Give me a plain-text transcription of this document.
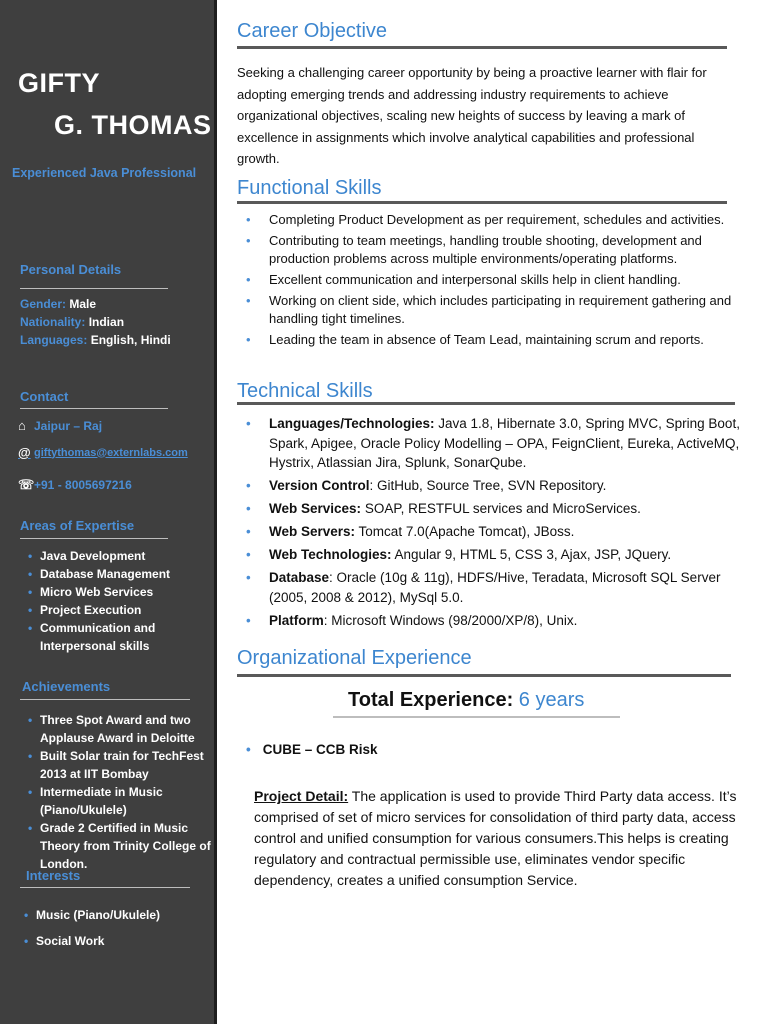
GIFTY
G. THOMAS
Experienced Java Professional
Personal Details
Gender: Male
Nationality: Indian
Languages: English, Hindi
Contact
⌂ Jaipur – Raj
@ giftythomas@externlabs.com
☏ +91 - 8005697216
Areas of Expertise
• Java Development
• Database Management
• Micro Web Services
• Project Execution
• Communication and Interpersonal skills
Achievements
• Three Spot Award and two Applause Award in Deloitte
• Built Solar train for TechFest 2013 at IIT Bombay
• Intermediate in Music (Piano/Ukulele)
• Grade 2 Certified in Music Theory from Trinity College of London.
Interests
• Music (Piano/Ukulele)
• Social Work
Career Objective
Seeking a challenging career opportunity by being a proactive learner with flair for adopting emerging trends and addressing industry requirements to achieve organizational objectives, scaling new heights of success by leaving a mark of excellence in assignments which involve analytical capabilities and professional growth.
Functional Skills
• Completing Product Development as per requirement, schedules and activities.
• Contributing to team meetings, handling trouble shooting, development and production problems across multiple environments/operating platforms.
• Excellent communication and interpersonal skills help in client handling.
• Working on client side, which includes participating in requirement gathering and handling tight timelines.
• Leading the team in absence of Team Lead, maintaining scrum and reports.
Technical Skills
• Languages/Technologies: Java 1.8, Hibernate 3.0, Spring MVC, Spring Boot, Spark, Apigee, Oracle Policy Modelling – OPA, FeignClient, Eureka, ActiveMQ, Hystrix, Atlassian Jira, Splunk, SonarQube.
• Version Control: GitHub, Source Tree, SVN Repository.
• Web Services: SOAP, RESTFUL services and MicroServices.
• Web Servers: Tomcat 7.0(Apache Tomcat), JBoss.
• Web Technologies: Angular 9, HTML 5, CSS 3, Ajax, JSP, JQuery.
• Database: Oracle (10g & 11g), HDFS/Hive, Teradata, Microsoft SQL Server (2005, 2008 & 2012), MySql 5.0.
• Platform: Microsoft Windows (98/2000/XP/8), Unix.
Organizational Experience
Total Experience: 6 years
• CUBE – CCB Risk
Project Detail: The application is used to provide Third Party data access. It’s comprised of set of micro services for consolidation of third party data, access control and unified consumption for various consumers.This helps is creating regulatory and contractual permissible use, eliminates vendor specific dependency, creates a unified consumption Service.
